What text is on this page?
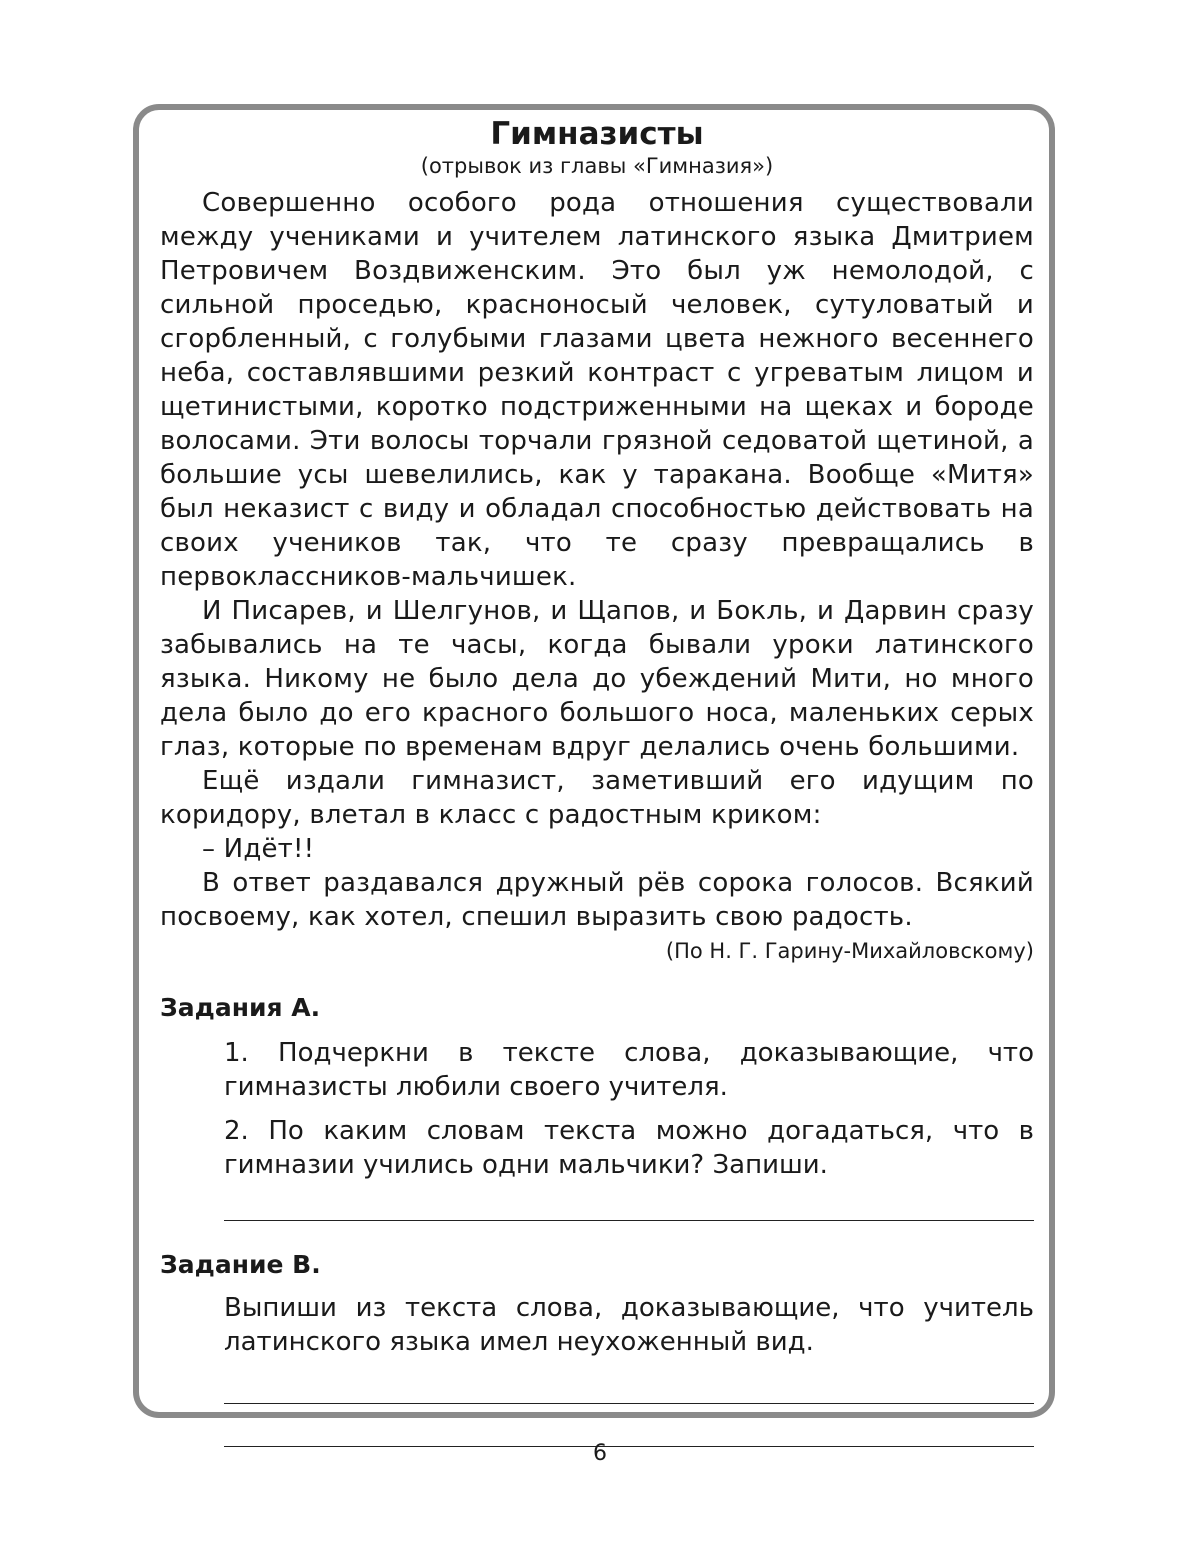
Гимназисты

(отрывок из главы «Гимназия»)

Совершенно особого рода отношения существовали между учениками и учителем латинского языка Дмитрием Петровичем Воздвиженским. Это был уж немолодой, с сильной проседью, красноносый человек, сутуловатый и сгорбленный, с голубыми глазами цвета нежного весеннего неба, составлявшими резкий контраст с угреватым лицом и щетинистыми, коротко подстриженными на щеках и бороде волосами. Эти волосы торчали грязной седоватой щетиной, а большие усы шевелились, как у таракана. Вообще «Митя» был неказист с виду и обладал способностью действовать на своих учеников так, что те сразу превращались в первоклассников-мальчишек.

И Писарев, и Шелгунов, и Щапов, и Бокль, и Дарвин сразу забывались на те часы, когда бывали уроки латинского языка. Никому не было дела до убеждений Мити, но много дела было до его красного большого носа, маленьких серых глаз, которые по временам вдруг делались очень большими.

Ещё издали гимназист, заметивший его идущим по коридору, влетал в класс с радостным криком:

– Идёт!!

В ответ раздавался дружный рёв сорока голосов. Всякий посвоему, как хотел, спешил выразить свою радость.

(По Н. Г. Гарину-Михайловскому)

Задания А.

1. Подчеркни в тексте слова, доказывающие, что гимназисты любили своего учителя.

2. По каким словам текста можно догадаться, что в гимназии учились одни мальчики? Запиши.

Задание В.

Выпиши из текста слова, доказывающие, что учитель латинского языка имел неухоженный вид.

6
